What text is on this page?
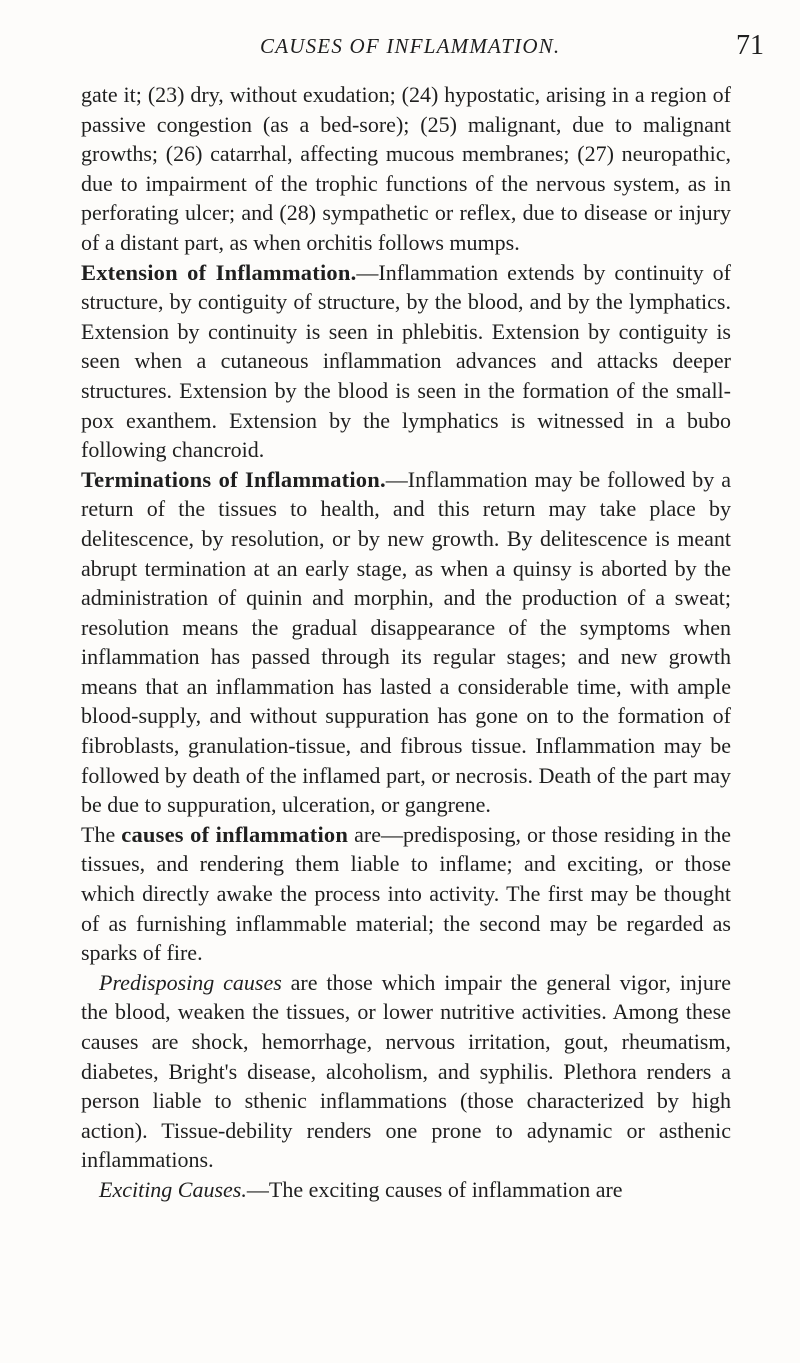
CAUSES OF INFLAMMATION.	71

gate it; (23) dry, without exudation; (24) hypostatic, arising in a region of passive congestion (as a bed-sore); (25) malignant, due to malignant growths; (26) catarrhal, affecting mucous membranes; (27) neuropathic, due to impairment of the trophic functions of the nervous system, as in perforating ulcer; and (28) sympathetic or reflex, due to disease or injury of a distant part, as when orchitis follows mumps.

Extension of Inflammation.—Inflammation extends by continuity of structure, by contiguity of structure, by the blood, and by the lymphatics. Extension by continuity is seen in phlebitis. Extension by contiguity is seen when a cutaneous inflammation advances and attacks deeper structures. Extension by the blood is seen in the formation of the small-pox exanthem. Extension by the lymphatics is witnessed in a bubo following chancroid.

Terminations of Inflammation.—Inflammation may be followed by a return of the tissues to health, and this return may take place by delitescence, by resolution, or by new growth. By delitescence is meant abrupt termination at an early stage, as when a quinsy is aborted by the administration of quinin and morphin, and the production of a sweat; resolution means the gradual disappearance of the symptoms when inflammation has passed through its regular stages; and new growth means that an inflammation has lasted a considerable time, with ample blood-supply, and without suppuration has gone on to the formation of fibroblasts, granulation-tissue, and fibrous tissue. Inflammation may be followed by death of the inflamed part, or necrosis. Death of the part may be due to suppuration, ulceration, or gangrene.

The causes of inflammation are—predisposing, or those residing in the tissues, and rendering them liable to inflame; and exciting, or those which directly awake the process into activity. The first may be thought of as furnishing inflammable material; the second may be regarded as sparks of fire.

Predisposing causes are those which impair the general vigor, injure the blood, weaken the tissues, or lower nutritive activities. Among these causes are shock, hemorrhage, nervous irritation, gout, rheumatism, diabetes, Bright's disease, alcoholism, and syphilis. Plethora renders a person liable to sthenic inflammations (those characterized by high action). Tissue-debility renders one prone to adynamic or asthenic inflammations.

Exciting Causes.—The exciting causes of inflammation are
